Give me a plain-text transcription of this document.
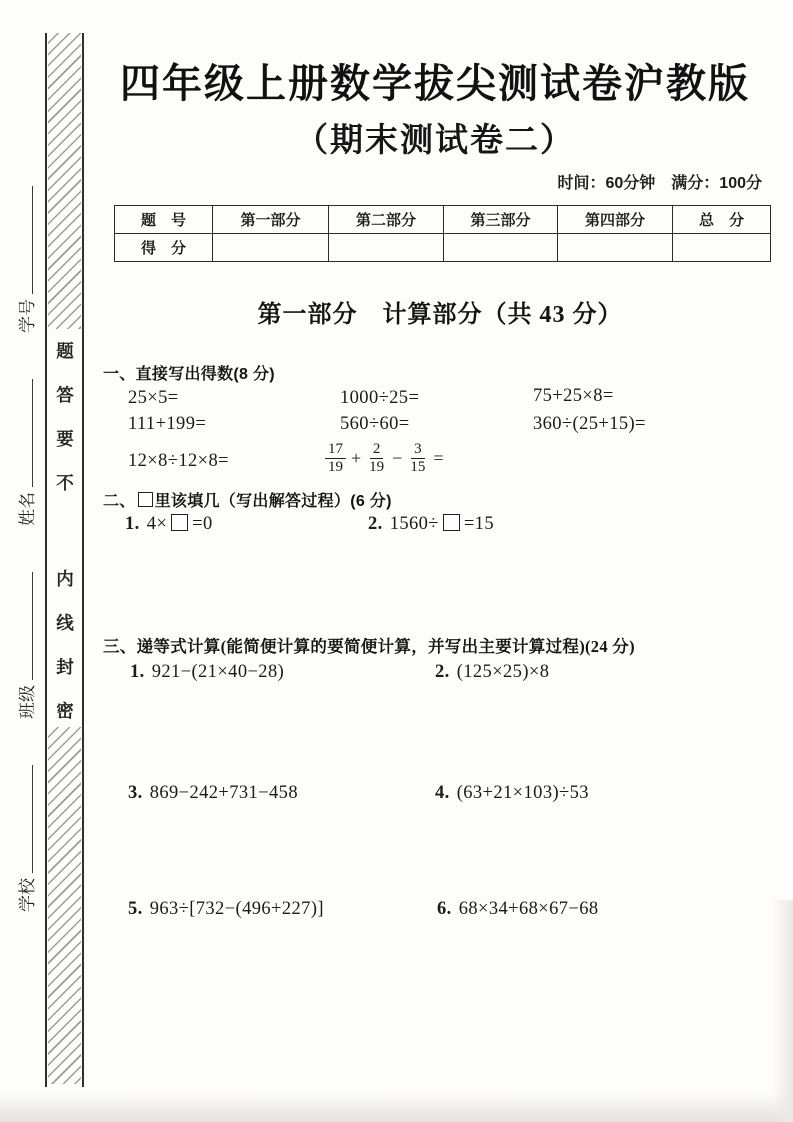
题答要不
内线封密
学校班级姓名学号
四年级上册数学拔尖测试卷沪教版
（期末测试卷二）
时间：60分钟　满分：100分
题　号	第一部分	第二部分	第三部分	第四部分	总　分
得　分					
第一部分　计算部分（共 43 分）
一、直接写出得数(8 分)
25×5=	1000÷25=	75+25×8=
111+199=	560÷60=	360÷(25+15)=
12×8÷12×8=	$\frac{17}{19} + \frac{2}{19} - \frac{3}{15}$ =
二、 里该填几（写出解答过程）(6 分)
1. 4× =0	2. 1560÷ =15
三、递等式计算(能简便计算的要简便计算，并写出主要计算过程)(24 分)
1. 921−(21×40−28)	2. (125×25)×8
3. 869−242+731−458	4. (63+21×103)÷53
5. 963÷[732−(496+227)]	6. 68×34+68×67−68
